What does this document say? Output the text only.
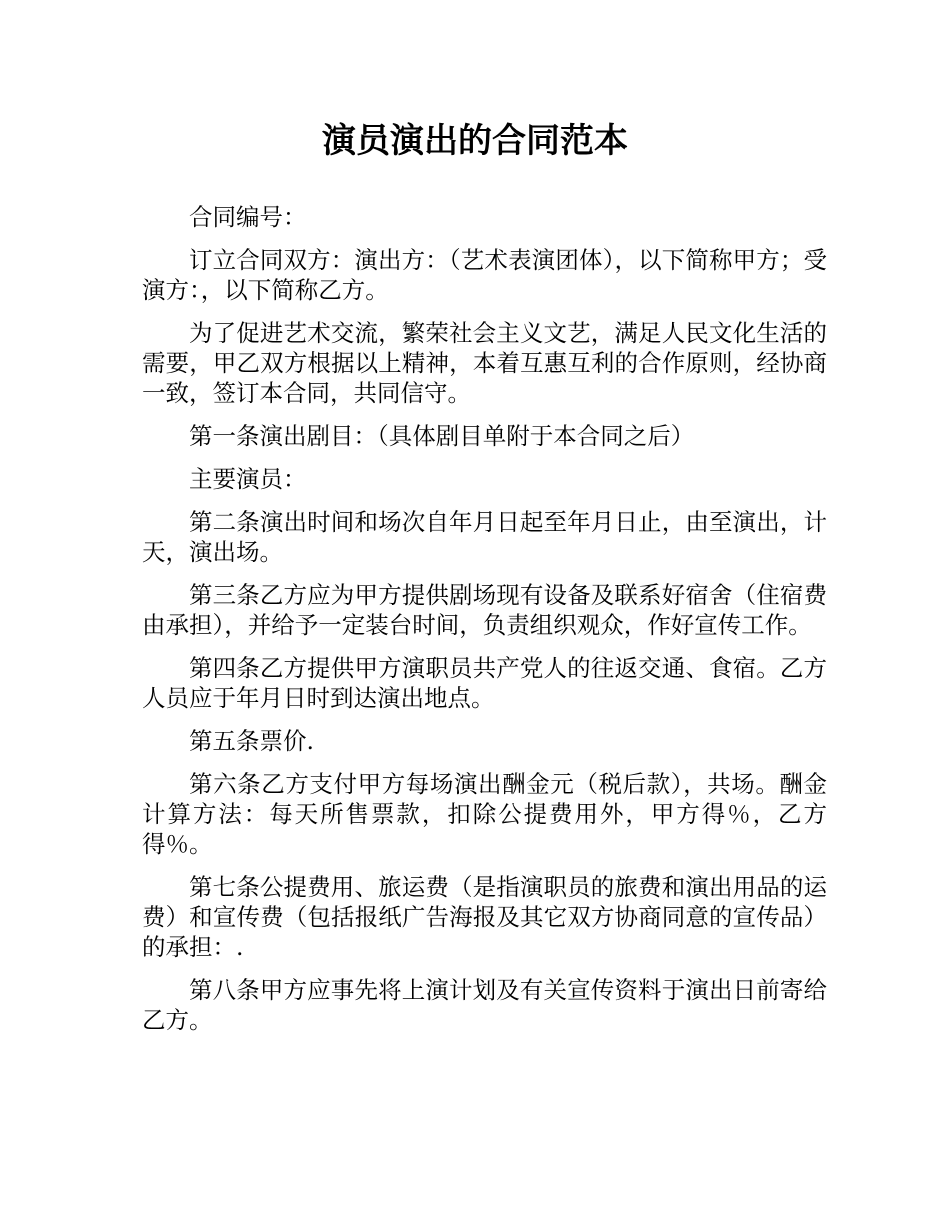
演员演出的合同范本

合同编号：

订立合同双方：演出方：（艺术表演团体），以下简称甲方；受演方：，以下简称乙方。

为了促进艺术交流，繁荣社会主义文艺，满足人民文化生活的需要，甲乙双方根据以上精神，本着互惠互利的合作原则，经协商一致，签订本合同，共同信守。

第一条演出剧目：（具体剧目单附于本合同之后）

主要演员：

第二条演出时间和场次自年月日起至年月日止，由至演出，计天，演出场。

第三条乙方应为甲方提供剧场现有设备及联系好宿舍（住宿费由承担），并给予一定装台时间，负责组织观众，作好宣传工作。

第四条乙方提供甲方演职员共产党人的往返交通、食宿。乙方人员应于年月日时到达演出地点。

第五条票价.

第六条乙方支付甲方每场演出酬金元（税后款），共场。酬金计算方法：每天所售票款，扣除公提费用外，甲方得％，乙方得％。

第七条公提费用、旅运费（是指演职员的旅费和演出用品的运费）和宣传费（包括报纸广告海报及其它双方协商同意的宣传品）的承担：.

第八条甲方应事先将上演计划及有关宣传资料于演出日前寄给乙方。
